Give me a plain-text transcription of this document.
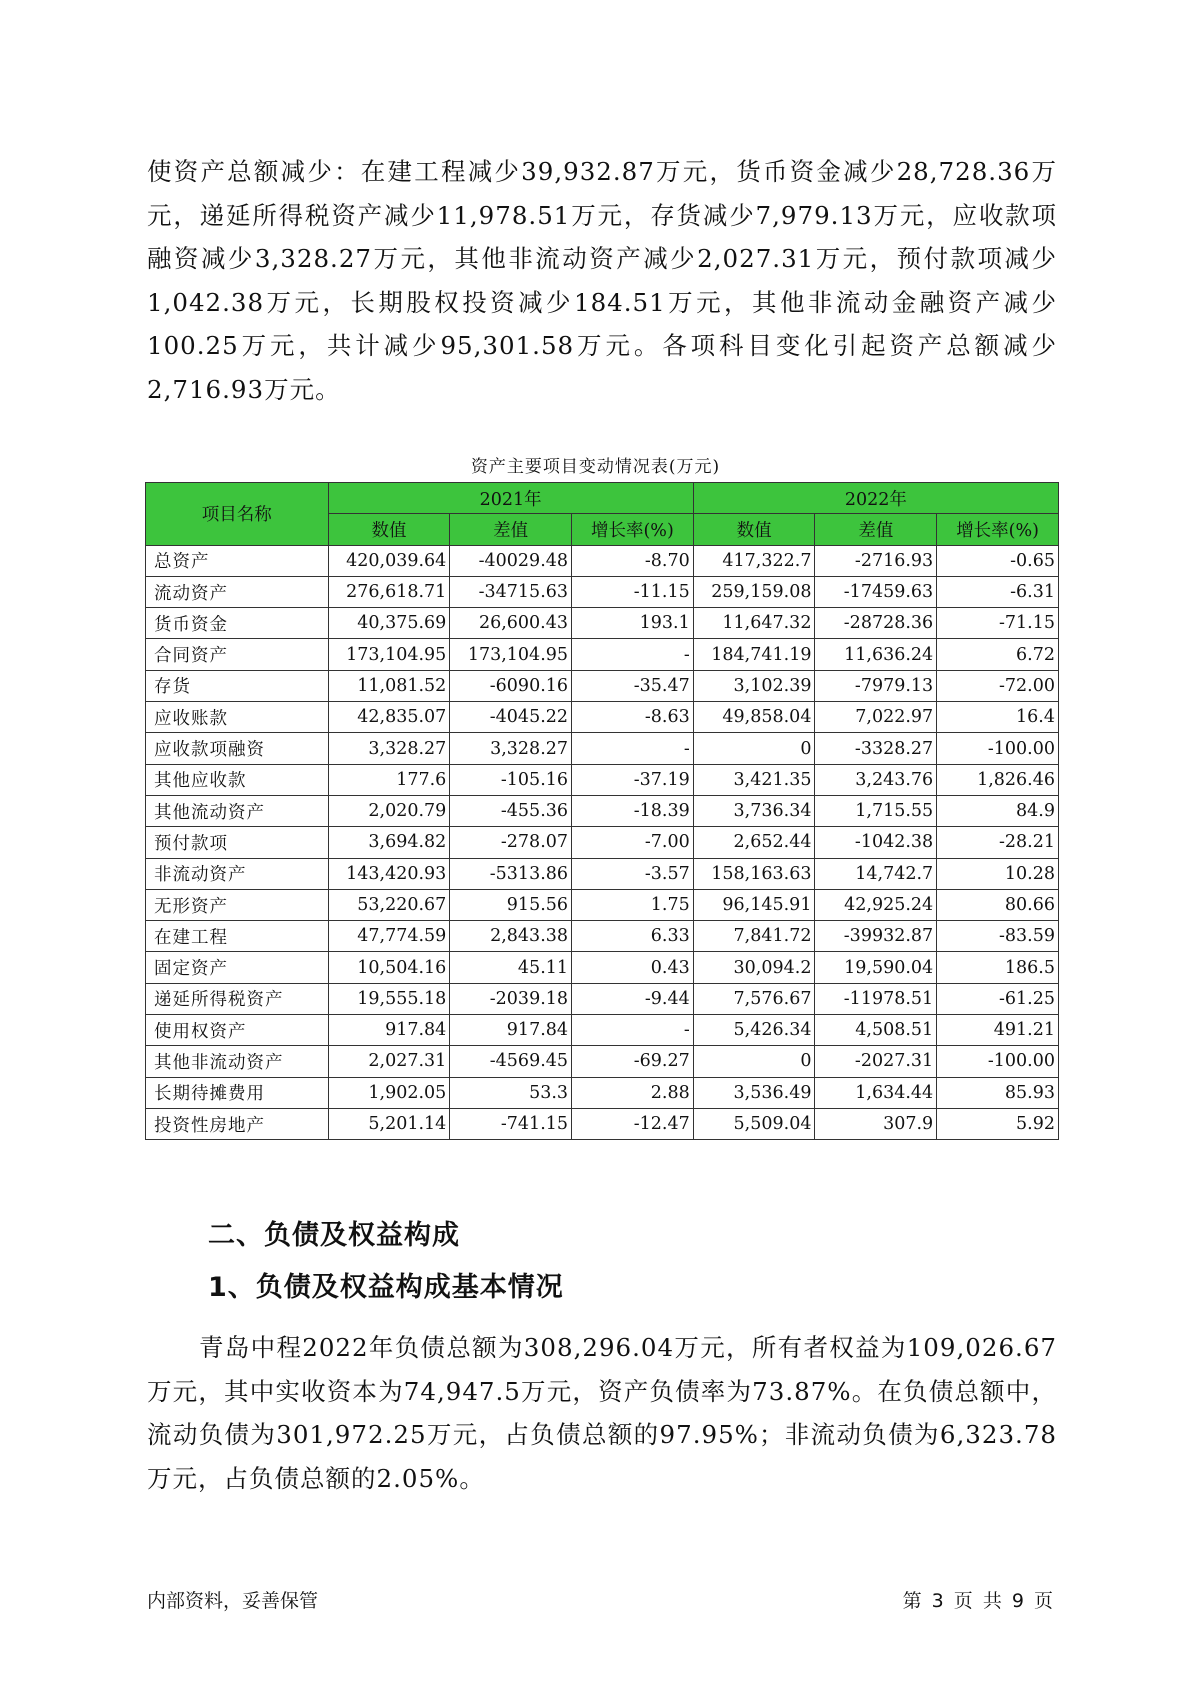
使资产总额减少：在建工程减少39,932.87万元，货币资金减少28,728.36万元，递延所得税资产减少11,978.51万元，存货减少7,979.13万元，应收款项融资减少3,328.27万元，其他非流动资产减少2,027.31万元，预付款项减少1,042.38万元，长期股权投资减少184.51万元，其他非流动金融资产减少100.25万元，共计减少95,301.58万元。各项科目变化引起资产总额减少2,716.93万元。

资产主要项目变动情况表(万元)
项目名称	2021年			2022年		
	数值	差值	增长率(%)	数值	差值	增长率(%)
总资产	420,039.64	-40029.48	-8.70	417,322.7	-2716.93	-0.65
流动资产	276,618.71	-34715.63	-11.15	259,159.08	-17459.63	-6.31
货币资金	40,375.69	26,600.43	193.1	11,647.32	-28728.36	-71.15
合同资产	173,104.95	173,104.95	-	184,741.19	11,636.24	6.72
存货	11,081.52	-6090.16	-35.47	3,102.39	-7979.13	-72.00
应收账款	42,835.07	-4045.22	-8.63	49,858.04	7,022.97	16.4
应收款项融资	3,328.27	3,328.27	-	0	-3328.27	-100.00
其他应收款	177.6	-105.16	-37.19	3,421.35	3,243.76	1,826.46
其他流动资产	2,020.79	-455.36	-18.39	3,736.34	1,715.55	84.9
预付款项	3,694.82	-278.07	-7.00	2,652.44	-1042.38	-28.21
非流动资产	143,420.93	-5313.86	-3.57	158,163.63	14,742.7	10.28
无形资产	53,220.67	915.56	1.75	96,145.91	42,925.24	80.66
在建工程	47,774.59	2,843.38	6.33	7,841.72	-39932.87	-83.59
固定资产	10,504.16	45.11	0.43	30,094.2	19,590.04	186.5
递延所得税资产	19,555.18	-2039.18	-9.44	7,576.67	-11978.51	-61.25
使用权资产	917.84	917.84	-	5,426.34	4,508.51	491.21
其他非流动资产	2,027.31	-4569.45	-69.27	0	-2027.31	-100.00
长期待摊费用	1,902.05	53.3	2.88	3,536.49	1,634.44	85.93
投资性房地产	5,201.14	-741.15	-12.47	5,509.04	307.9	5.92
二、负债及权益构成
1、负债及权益构成基本情况

青岛中程2022年负债总额为308,296.04万元，所有者权益为109,026.67万元，其中实收资本为74,947.5万元，资产负债率为73.87%。在负债总额中，流动负债为301,972.25万元，占负债总额的97.95%；非流动负债为6,323.78万元，占负债总额的2.05%。

内部资料，妥善保管	第 3 页 共 9 页
